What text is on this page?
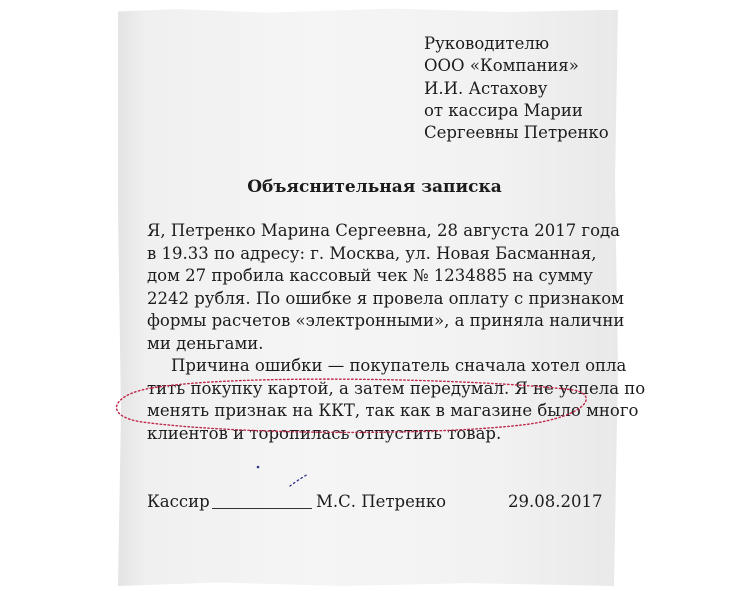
Руководителю
ООО «Компания»
И.И. Астахову
от кассира Марии
Сергеевны Петренко
Объяснительная записка
Я, Петренко Марина Сергеевна, 28 августа 2017 года
в 19.33 по адресу: г. Москва, ул. Новая Басманная,
дом 27 пробила кассовый чек № 1234885 на сумму
2242 рубля. По ошибке я провела оплату с признаком
формы расчетов «электронными», а приняла налични
ми деньгами.
Причина ошибки — покупатель сначала хотел опла
тить покупку картой, а затем передумал. Я не успела по
менять признак на ККТ, так как в магазине было много
клиентов и торопилась отпустить товар.
Кассир	М.С. Петренко	29.08.2017
